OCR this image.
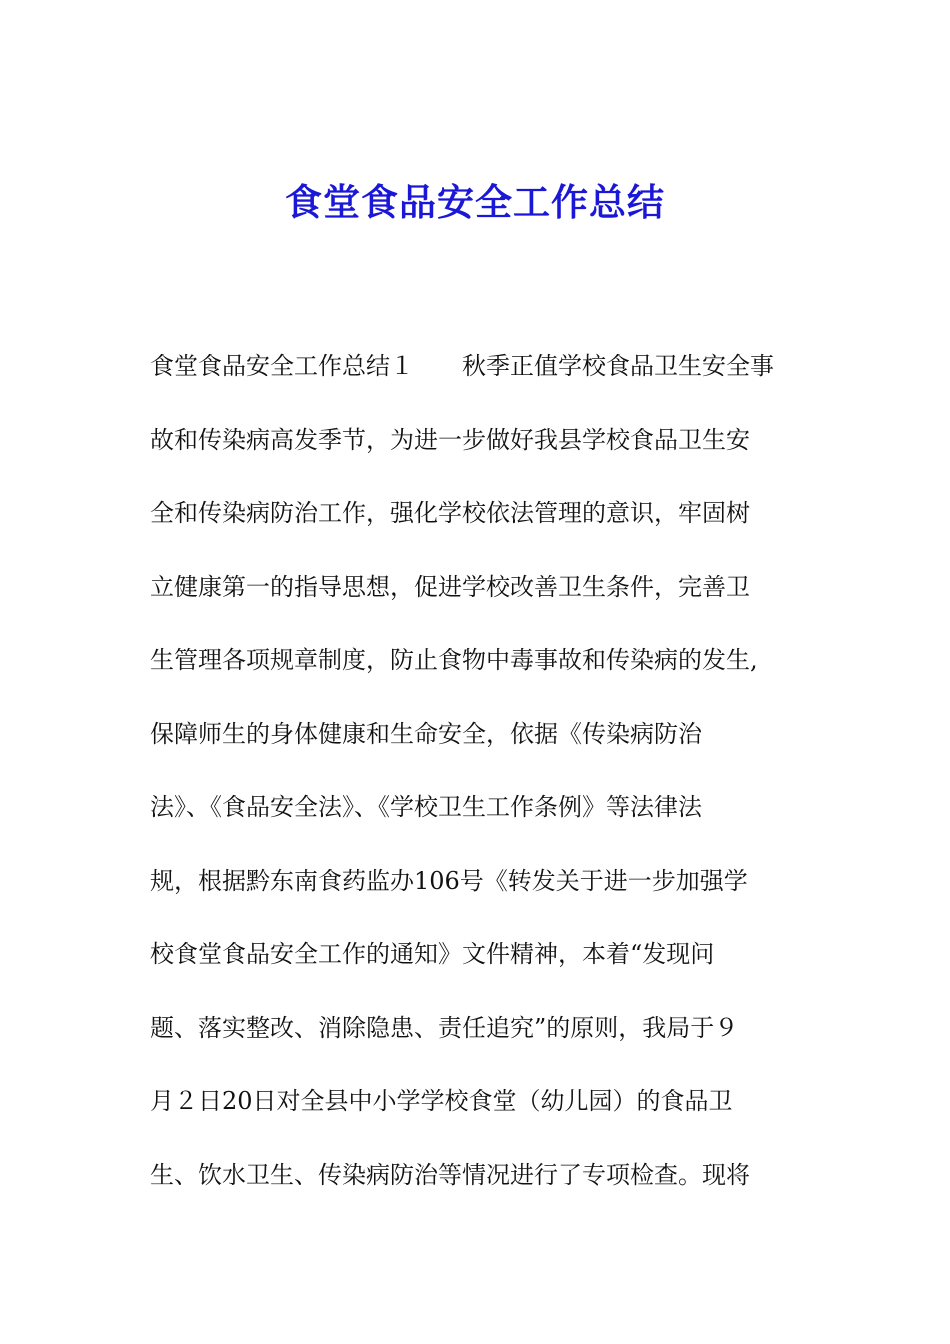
食堂食品安全工作总结
食堂食品安全工作总结１　　秋季正值学校食品卫生安全事
故和传染病高发季节，为进一步做好我县学校食品卫生安
全和传染病防治工作，强化学校依法管理的意识，牢固树
立健康第一的指导思想，促进学校改善卫生条件，完善卫
生管理各项规章制度，防止食物中毒事故和传染病的发生,
保障师生的身体健康和生命安全，依据《传染病防治
法》、《食品安全法》、《学校卫生工作条例》等法律法
规，根据黔东南食药监办106号《转发关于进一步加强学
校食堂食品安全工作的通知》文件精神，本着“发现问
题、落实整改、消除隐患、责任追究”的原则，我局于９
月２日20日对全县中小学学校食堂（幼儿园）的食品卫
生、饮水卫生、传染病防治等情况进行了专项检查。现将
